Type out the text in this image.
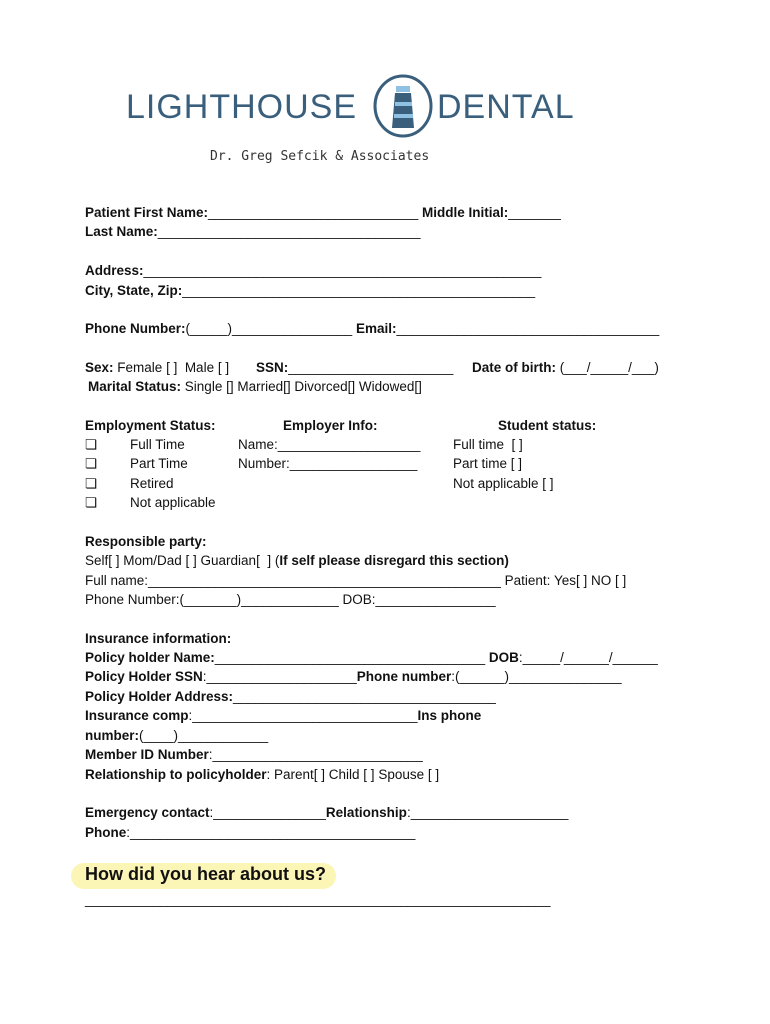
LIGHTHOUSE DENTAL
Dr. Greg Sefcik & Associates
Patient First Name:____________________________ Middle Initial:_______
Last Name:___________________________________
Address:_____________________________________________________
City, State, Zip:_______________________________________________
Phone Number:(_____)________________ Email:___________________________________
Sex: Female [ ]  Male [ ] SSN:______________________ Date of birth: (___/_____/___)
Marital Status: Single [] Married[] Divorced[] Widowed[]
Employment Status:	Employer Info:	Student status:
❏ Full Time
❏ Part Time
❏ Retired
❏ Not applicable
Name:___________________
Number:_________________
Full time  [ ]
Part time [ ]
Not applicable [ ]
Responsible party:
Self[ ] Mom/Dad [ ] Guardian[  ] (If self please disregard this section)
Full name:_______________________________________________ Patient: Yes[ ] NO [ ]
Phone Number:(_______)_____________ DOB:________________
Insurance information:
Policy holder Name:____________________________________ DOB:_____/______/______
Policy Holder SSN:____________________Phone number:(______)_______________
Policy Holder Address:___________________________________
Insurance comp:______________________________Ins phone
number:(____)____________
Member ID Number:____________________________
Relationship to policyholder: Parent[ ] Child [ ] Spouse [ ]
Emergency contact:_______________Relationship:_____________________
Phone:______________________________________
How did you hear about us?
______________________________________________________________
